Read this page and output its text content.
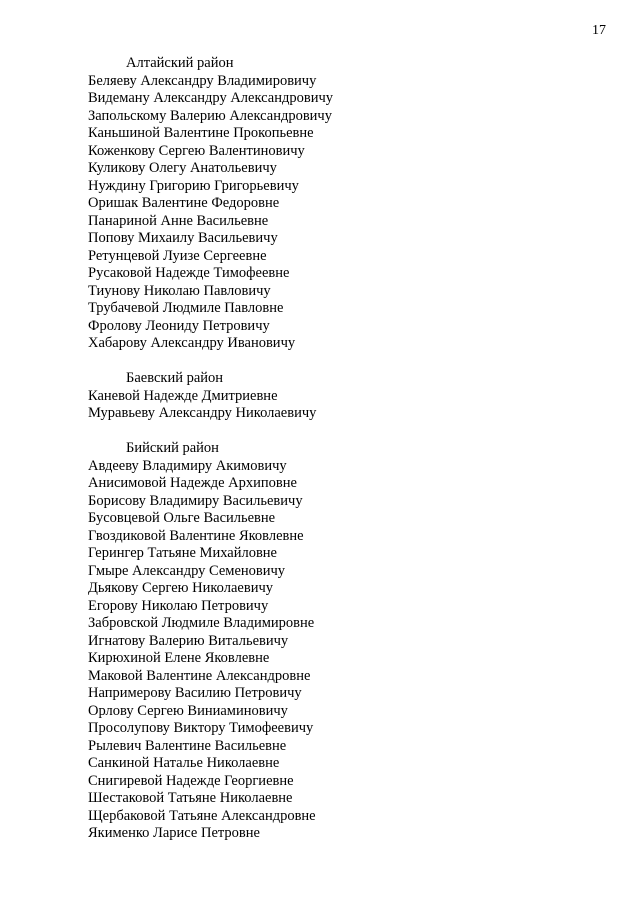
17
Алтайский район
Беляеву Александру Владимировичу
Видеману Александру Александровичу
Запольскому Валерию Александровичу
Каньшиной Валентине Прокопьевне
Коженкову Сергею Валентиновичу
Куликову Олегу Анатольевичу
Нуждину Григорию Григорьевичу
Оришак Валентине Федоровне
Панариной Анне Васильевне
Попову Михаилу Васильевичу
Ретунцевой Луизе Сергеевне
Русаковой Надежде Тимофеевне
Тиунову Николаю Павловичу
Трубачевой Людмиле Павловне
Фролову Леониду Петровичу
Хабарову Александру Ивановичу
Баевский район
Каневой Надежде Дмитриевне
Муравьеву Александру Николаевичу
Бийский район
Авдееву Владимиру Акимовичу
Анисимовой Надежде Архиповне
Борисову Владимиру Васильевичу
Бусовцевой Ольге Васильевне
Гвоздиковой Валентине Яковлевне
Герингер Татьяне Михайловне
Гмыре Александру Семеновичу
Дьякову Сергею Николаевичу
Егорову Николаю Петровичу
Забровской Людмиле Владимировне
Игнатову Валерию Витальевичу
Кирюхиной Елене Яковлевне
Маковой Валентине Александровне
Напримерову Василию Петровичу
Орлову Сергею Виниаминовичу
Просолупову Виктору Тимофеевичу
Рылевич Валентине Васильевне
Санкиной Наталье Николаевне
Снигиревой Надежде Георгиевне
Шестаковой Татьяне Николаевне
Щербаковой Татьяне Александровне
Якименко Ларисе Петровне
